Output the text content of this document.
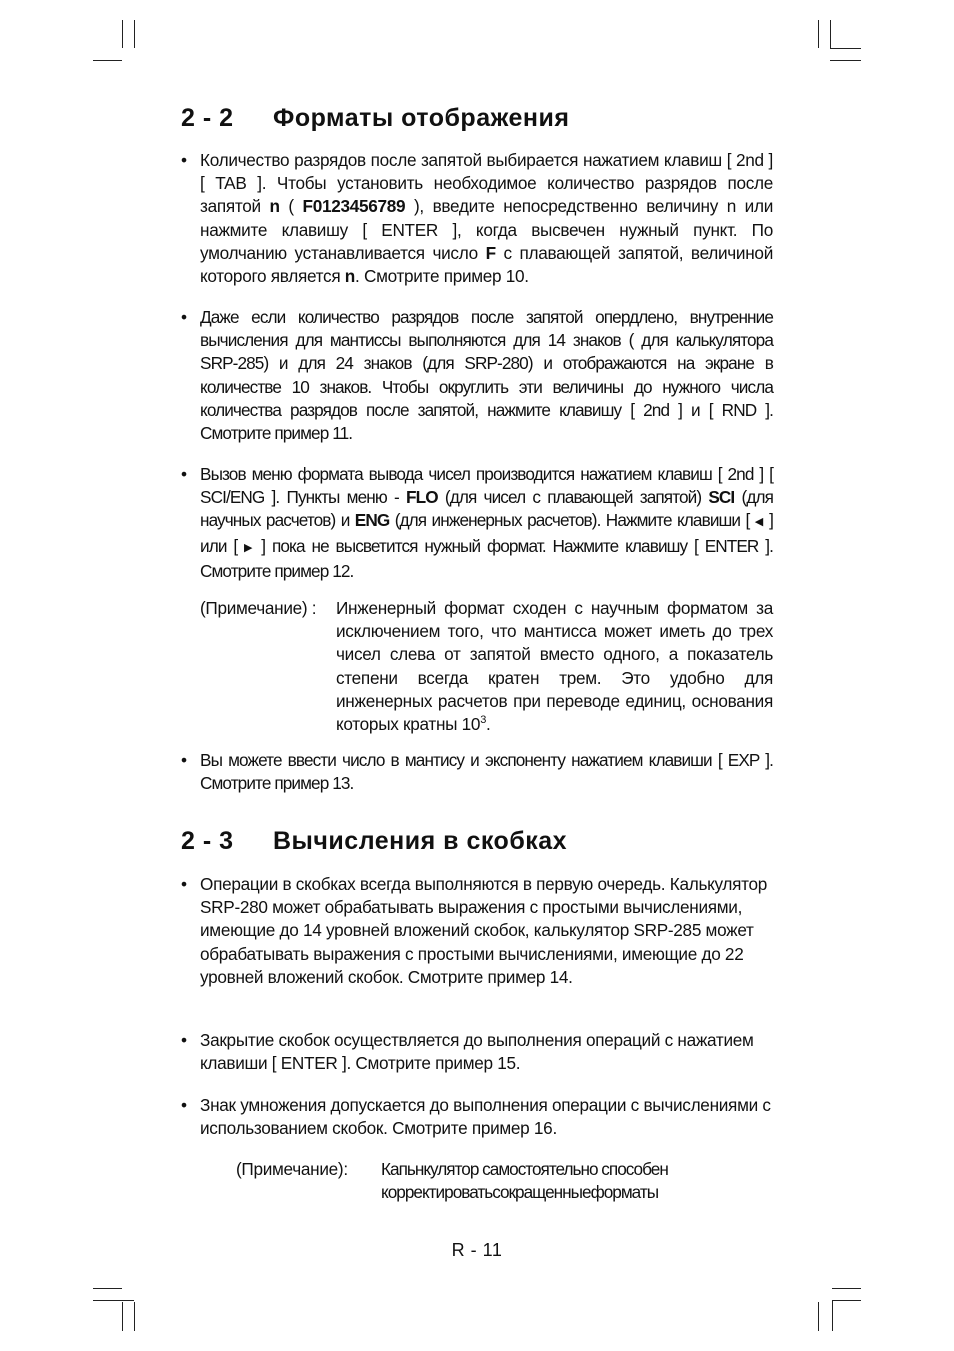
2 - 2 Форматы отображения
• Количество разрядов после запятой выбирается нажатием клавиш [ 2nd ] [ TAB ]. Чтобы установить необходимое количество разрядов после запятой n ( F0123456789 ), введите непосредственно величину n или нажмите клавишу [ ENTER ], когда высвечен нужный пункт. По умолчанию устанавливается число F с плавающей запятой, величиной которого является n. Смотрите пример 10.
• Даже если количество разрядов после запятой опердлено, внутренние вычисления для мантиссы выполняются для 14 знаков ( для калькулятора SRP-285) и для 24 знаков (для SRP-280) и отображаются на экране в количестве 10 знаков. Чтобы округлить эти величины до нужного числа количества разрядов после запятой, нажмите клавишу [ 2nd ] и [ RND ]. Смотрите пример 11.
• Вызов меню формата вывода чисел производится нажатием клавиш [ 2nd ] [ SCI/ENG ]. Пункты меню - FLO (для чисел с плавающей запятой) SCI (для научных расчетов) и ENG (для инженерных расчетов). Нажмите клавиши [ ◀ ] или [ ▶ ] пока не высветится нужный формат. Нажмите клавишу [ ENTER ]. Смотрите пример 12.
(Примечание) : Инженерный формат сходен с научным форматом за исключением того, что мантисса может иметь до трех чисел слева от запятой вместо одного, а показатель степени всегда кратен трем. Это удобно для инженерных расчетов при переводе единиц, основания которых кратны $10^3$.
• Вы можете ввести число в мантису и экспоненту нажатием клавиши [ EXP ]. Смотрите пример 13.
2 - 3 Вычисления в скобках
• Операции в скобках всегда выполняются в первую очередь. Калькулятор SRP-280 может обрабатывать выражения с простыми вычислениями, имеющие до 14 уровней вложений скобок, калькулятор SRP-285 может обрабатывать выражения с простыми вычислениями, имеющие до 22 уровней вложений скобок. Смотрите пример 14.
• Закрытие скобок осуществляется до выполнения операций с нажатием клавиши [ ENTER ]. Смотрите пример 15.
• Знак умножения допускается до выполнения операции с вычислениями с использованием скобок. Смотрите пример 16.
(Примечание): Капьнкулятор самостоятельно способен
корректироватьсокращенныеформаты
R - 11
